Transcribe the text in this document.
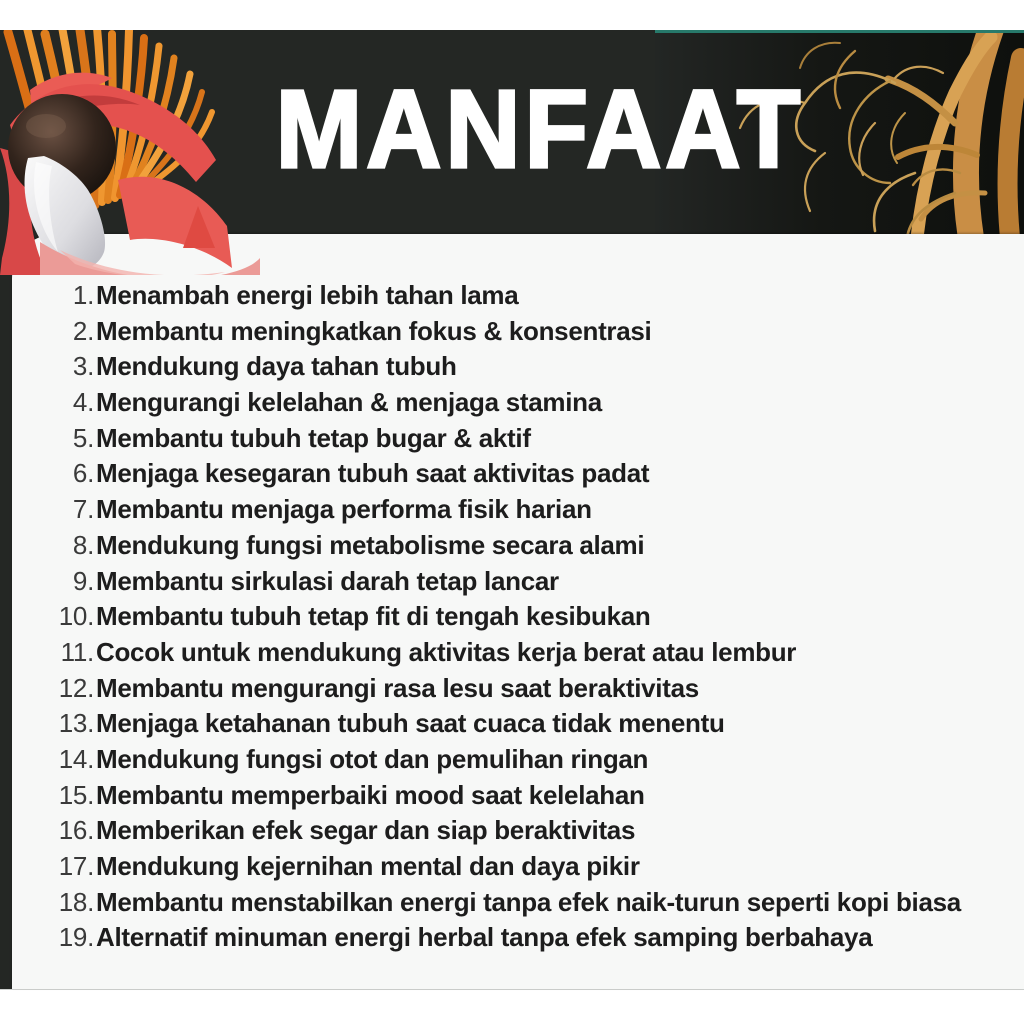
MANFAAT
1. Menambah energi lebih tahan lama
2. Membantu meningkatkan fokus & konsentrasi
3. Mendukung daya tahan tubuh
4. Mengurangi kelelahan & menjaga stamina
5. Membantu tubuh tetap bugar & aktif
6. Menjaga kesegaran tubuh saat aktivitas padat
7. Membantu menjaga performa fisik harian
8. Mendukung fungsi metabolisme secara alami
9. Membantu sirkulasi darah tetap lancar
10. Membantu tubuh tetap fit di tengah kesibukan
11. Cocok untuk mendukung aktivitas kerja berat atau lembur
12. Membantu mengurangi rasa lesu saat beraktivitas
13. Menjaga ketahanan tubuh saat cuaca tidak menentu
14. Mendukung fungsi otot dan pemulihan ringan
15. Membantu memperbaiki mood saat kelelahan
16. Memberikan efek segar dan siap beraktivitas
17. Mendukung kejernihan mental dan daya pikir
18. Membantu menstabilkan energi tanpa efek naik-turun seperti kopi biasa
19. Alternatif minuman energi herbal tanpa efek samping berbahaya
